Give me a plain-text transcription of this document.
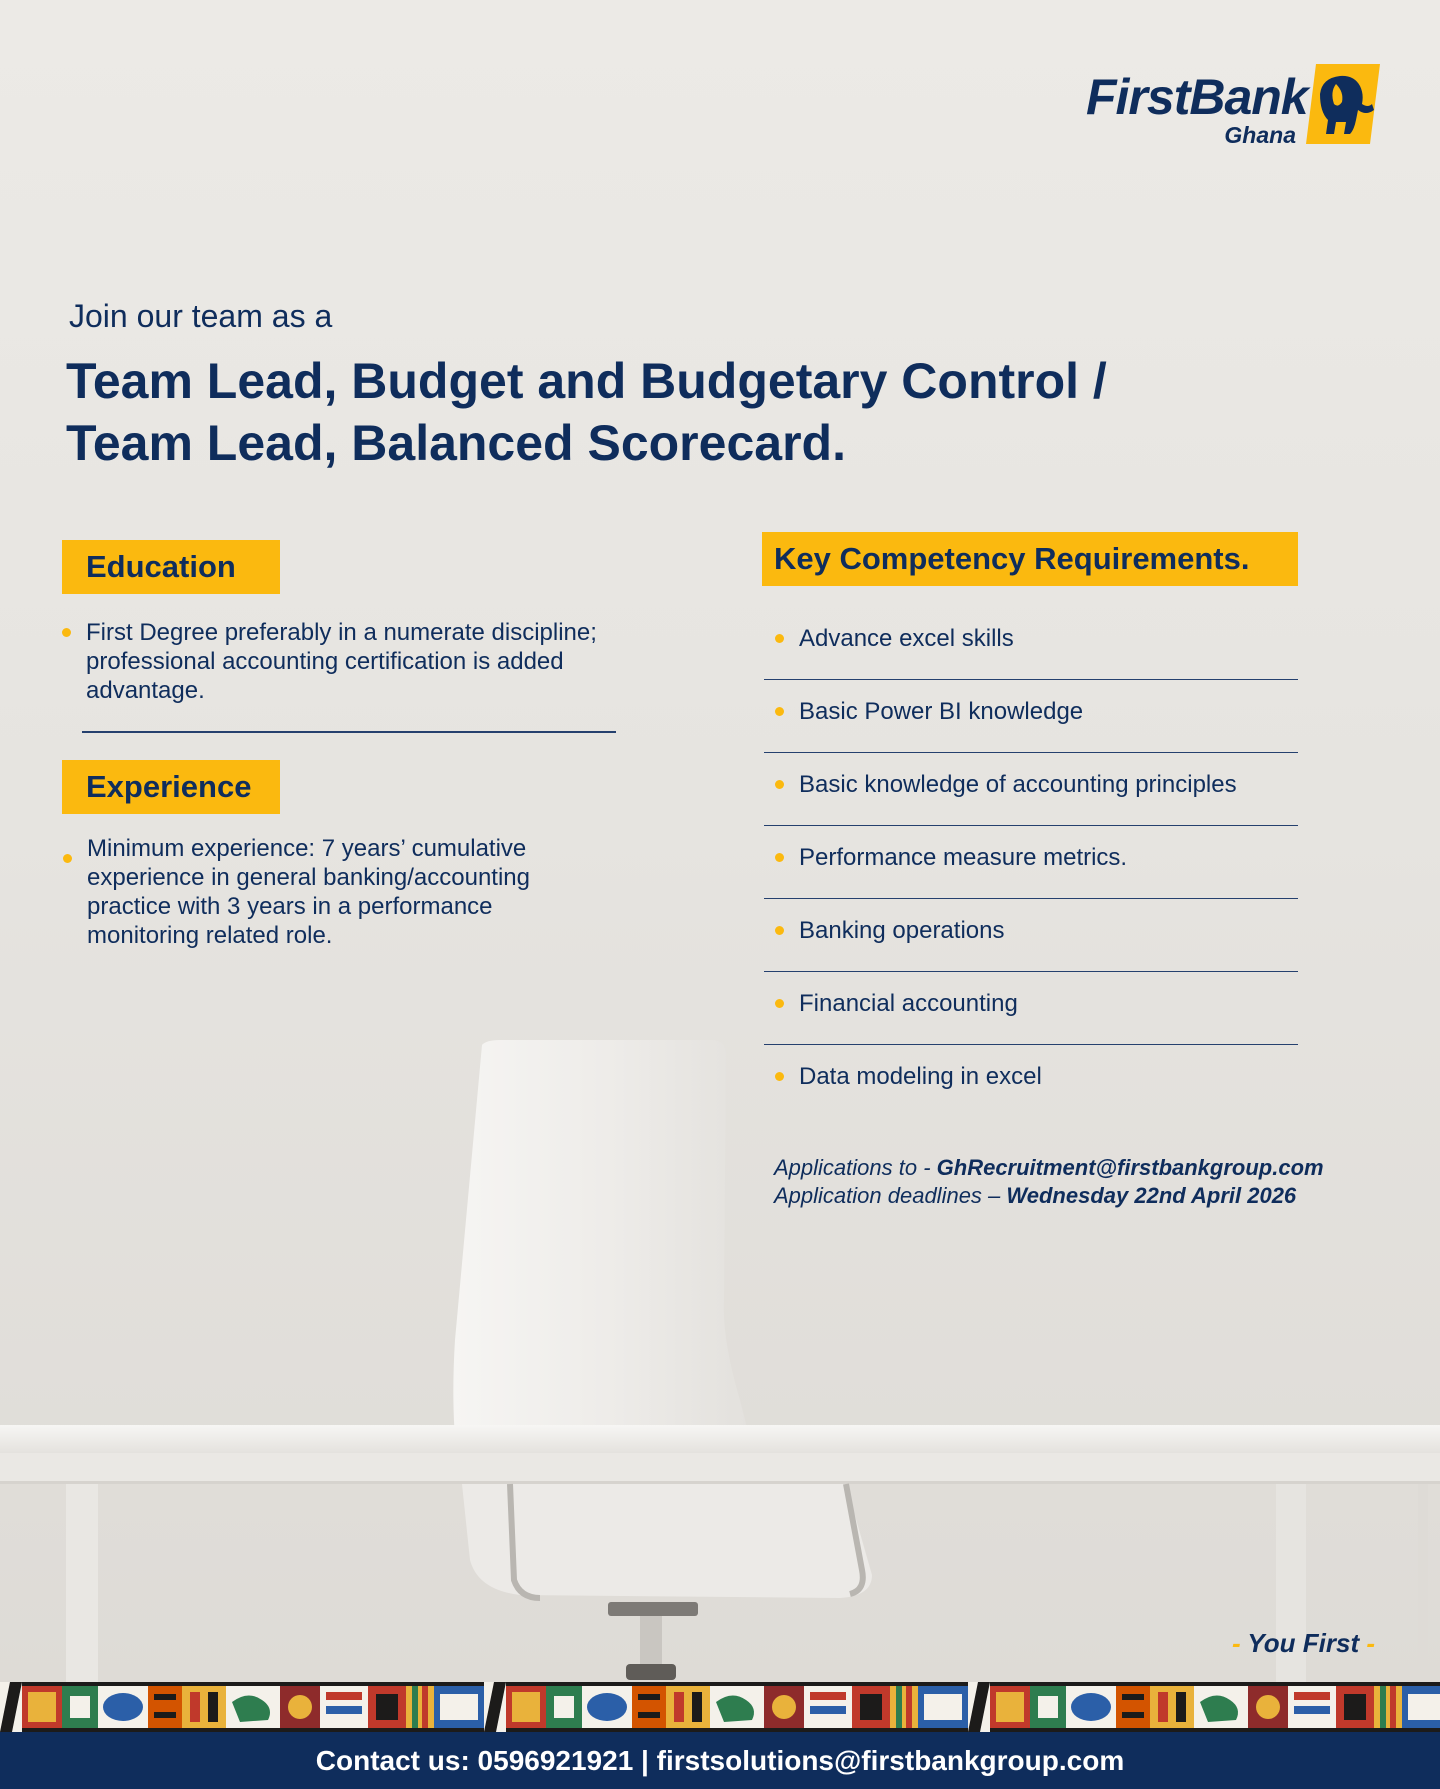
FirstBank
Ghana
Join our team as a
Team Lead, Budget and Budgetary Control / Team Lead, Balanced Scorecard.
Education
First Degree preferably in a numerate discipline; professional accounting certification is added advantage.
Experience
Minimum experience: 7 years’ cumulative experience in general banking/accounting practice with 3 years in a performance monitoring related role.
Key Competency Requirements.
Advance excel skills
Basic Power BI knowledge
Basic knowledge of accounting principles
Performance measure metrics.
Banking operations
Financial accounting
Data modeling in excel
Applications to - GhRecruitment@firstbankgroup.com
Application deadlines – Wednesday 22nd April 2026
- You First -
Contact us: 0596921921 | firstsolutions@firstbankgroup.com
